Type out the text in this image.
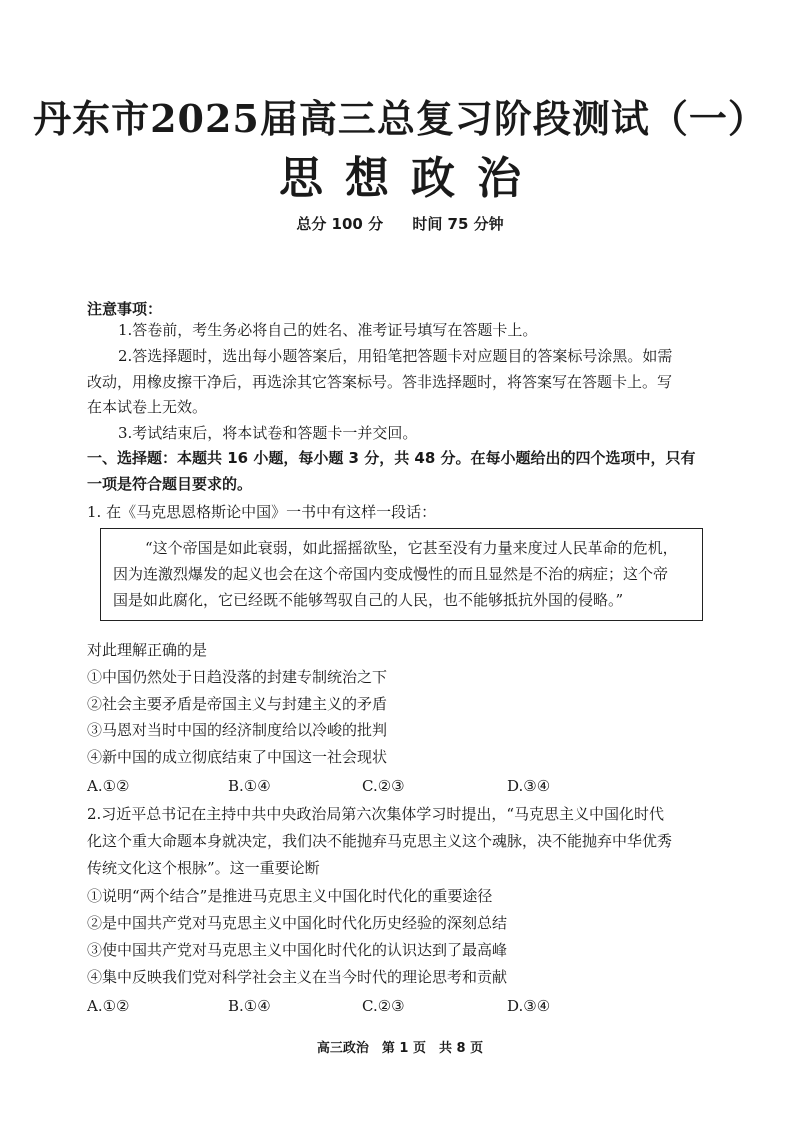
丹东市2025届高三总复习阶段测试（一）
思想政治
总分 100 分 时间 75 分钟
注意事项：
1.答卷前，考生务必将自己的姓名、准考证号填写在答题卡上。
2.答选择题时，选出每小题答案后，用铅笔把答题卡对应题目的答案标号涂黑。如需
改动，用橡皮擦干净后，再选涂其它答案标号。答非选择题时，将答案写在答题卡上。写
在本试卷上无效。
3.考试结束后，将本试卷和答题卡一并交回。
一、选择题：本题共 16 小题，每小题 3 分，共 48 分。在每小题给出的四个选项中，只有
一项是符合题目要求的。
1. 在《马克思恩格斯论中国》一书中有这样一段话：
“这个帝国是如此衰弱，如此摇摇欲坠，它甚至没有力量来度过人民革命的危机，
因为连激烈爆发的起义也会在这个帝国内变成慢性的而且显然是不治的病症；这个帝
国是如此腐化，它已经既不能够驾驭自己的人民，也不能够抵抗外国的侵略。”
对此理解正确的是
①中国仍然处于日趋没落的封建专制统治之下
②社会主要矛盾是帝国主义与封建主义的矛盾
③马恩对当时中国的经济制度给以冷峻的批判
④新中国的成立彻底结束了中国这一社会现状
A.①②	B.①④	C.②③	D.③④
2.习近平总书记在主持中共中央政治局第六次集体学习时提出，“马克思主义中国化时代
化这个重大命题本身就决定，我们决不能抛弃马克思主义这个魂脉，决不能抛弃中华优秀
传统文化这个根脉”。这一重要论断
①说明“两个结合”是推进马克思主义中国化时代化的重要途径
②是中国共产党对马克思主义中国化时代化历史经验的深刻总结
③使中国共产党对马克思主义中国化时代化的认识达到了最高峰
④集中反映我们党对科学社会主义在当今时代的理论思考和贡献
A.①②	B.①④	C.②③	D.③④
高三政治　第 1 页　共 8 页
